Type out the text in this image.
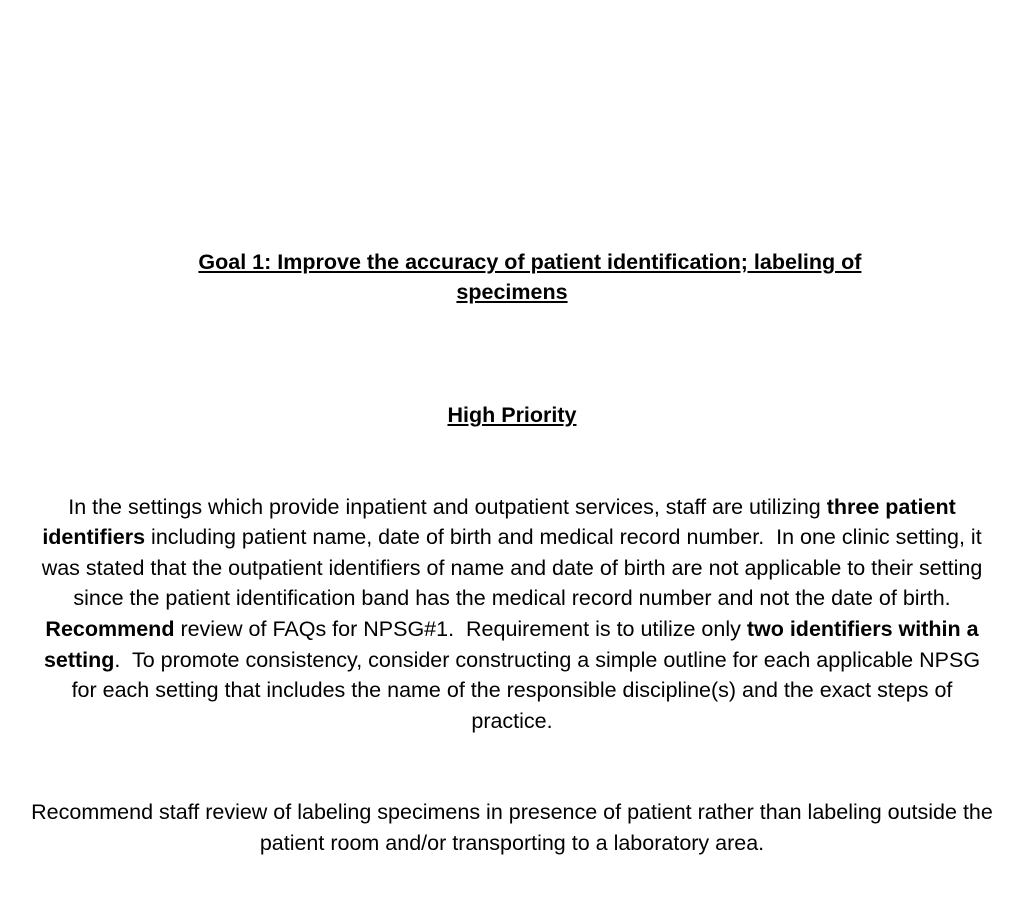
Goal 1: Improve the accuracy of patient identification; labeling of
specimens

High Priority

In the settings which provide inpatient and outpatient services, staff are utilizing three patient identifiers including patient name, date of birth and medical record number.  In one clinic setting, it was stated that the outpatient identifiers of name and date of birth are not applicable to their setting since the patient identification band has the medical record number and not the date of birth. Recommend review of FAQs for NPSG#1.  Requirement is to utilize only two identifiers within a setting.  To promote consistency, consider constructing a simple outline for each applicable NPSG for each setting that includes the name of the responsible discipline(s) and the exact steps of practice.

Recommend staff review of labeling specimens in presence of patient rather than labeling outside the patient room and/or transporting to a laboratory area.
